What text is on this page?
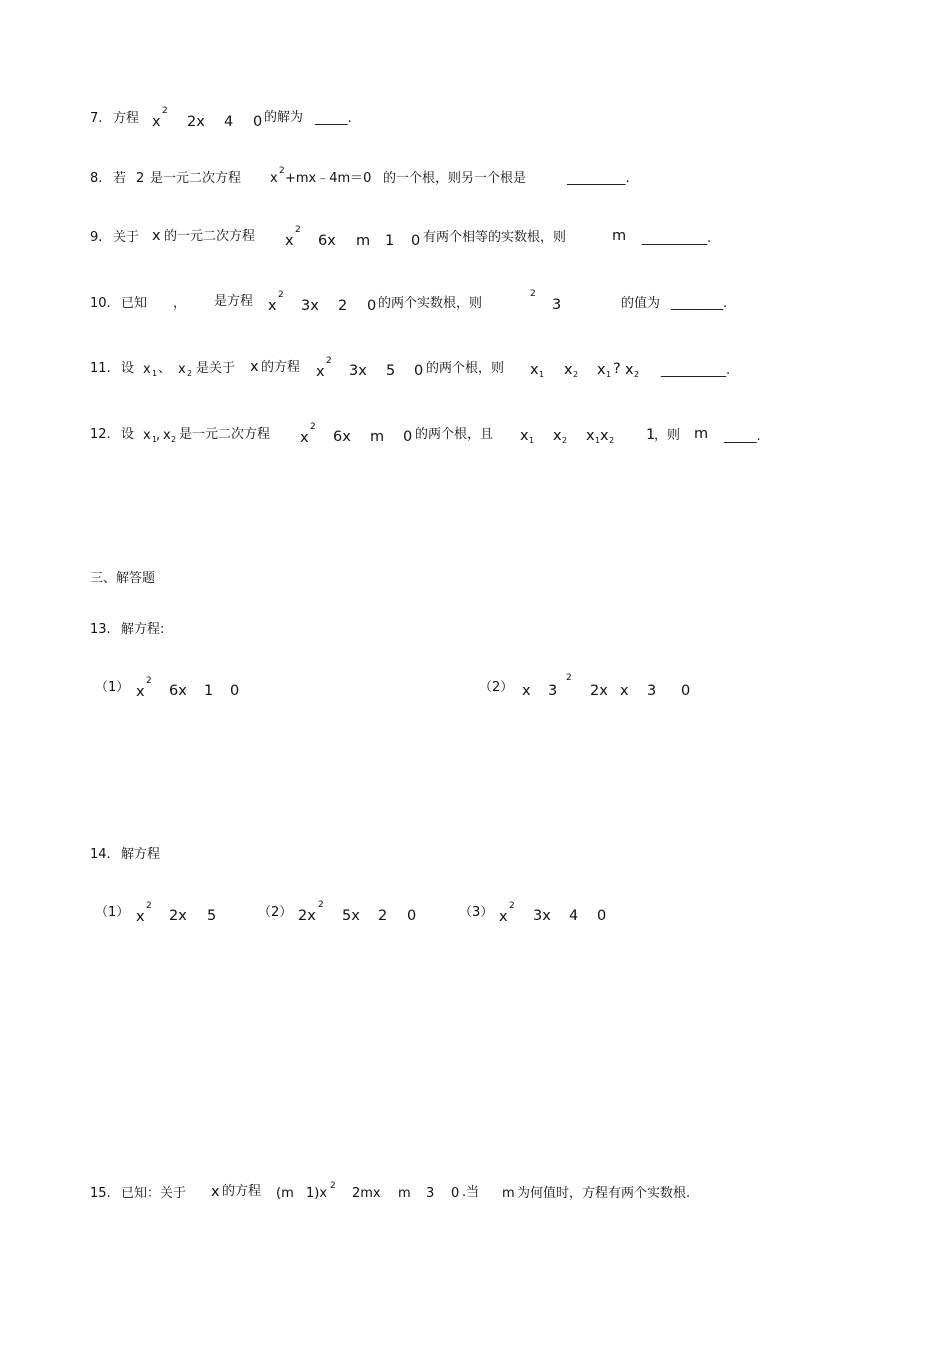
7. 方程 x
2
2x 4 0 的解为 _____.
8. 若 2 是一元二次方程 x 2 +mx﹣4m＝0 的一个根，则另一个根是	_________.
9. 关于 x 的一元二次方程 x
2
6x m 1 0 有两个相等的实数根，则	m __________.
10. 已知 ， 是方程 x
2
3x 2 0 的两个实数根，则
2
3	的值为 ________.
11. 设 x 1 、 x 2 是关于 x 的方程 x
2
3x 5 0 的两个根，则 x 1 x 2 x 1 ? x 2 __________.
12. 设 x 1
, x 2 是一元二次方程 x
2
6x m 0 的两个根，且 x 1 x 2 x 1 x 2 1
，则 m _____.
三、解答题
13. 解方程:
（1） x
2
6x 1 0	（2） x 3
2
2x x 3 0
14. 解方程
（1） x
2
2x 5	（2） 2x
2
5x 2 0	（3） x
2
3x 4 0
15. 已知：关于 x 的方程 (m 1)x 2 2mx m 3 0 .当 m 为何值时，方程有两个实数根.
